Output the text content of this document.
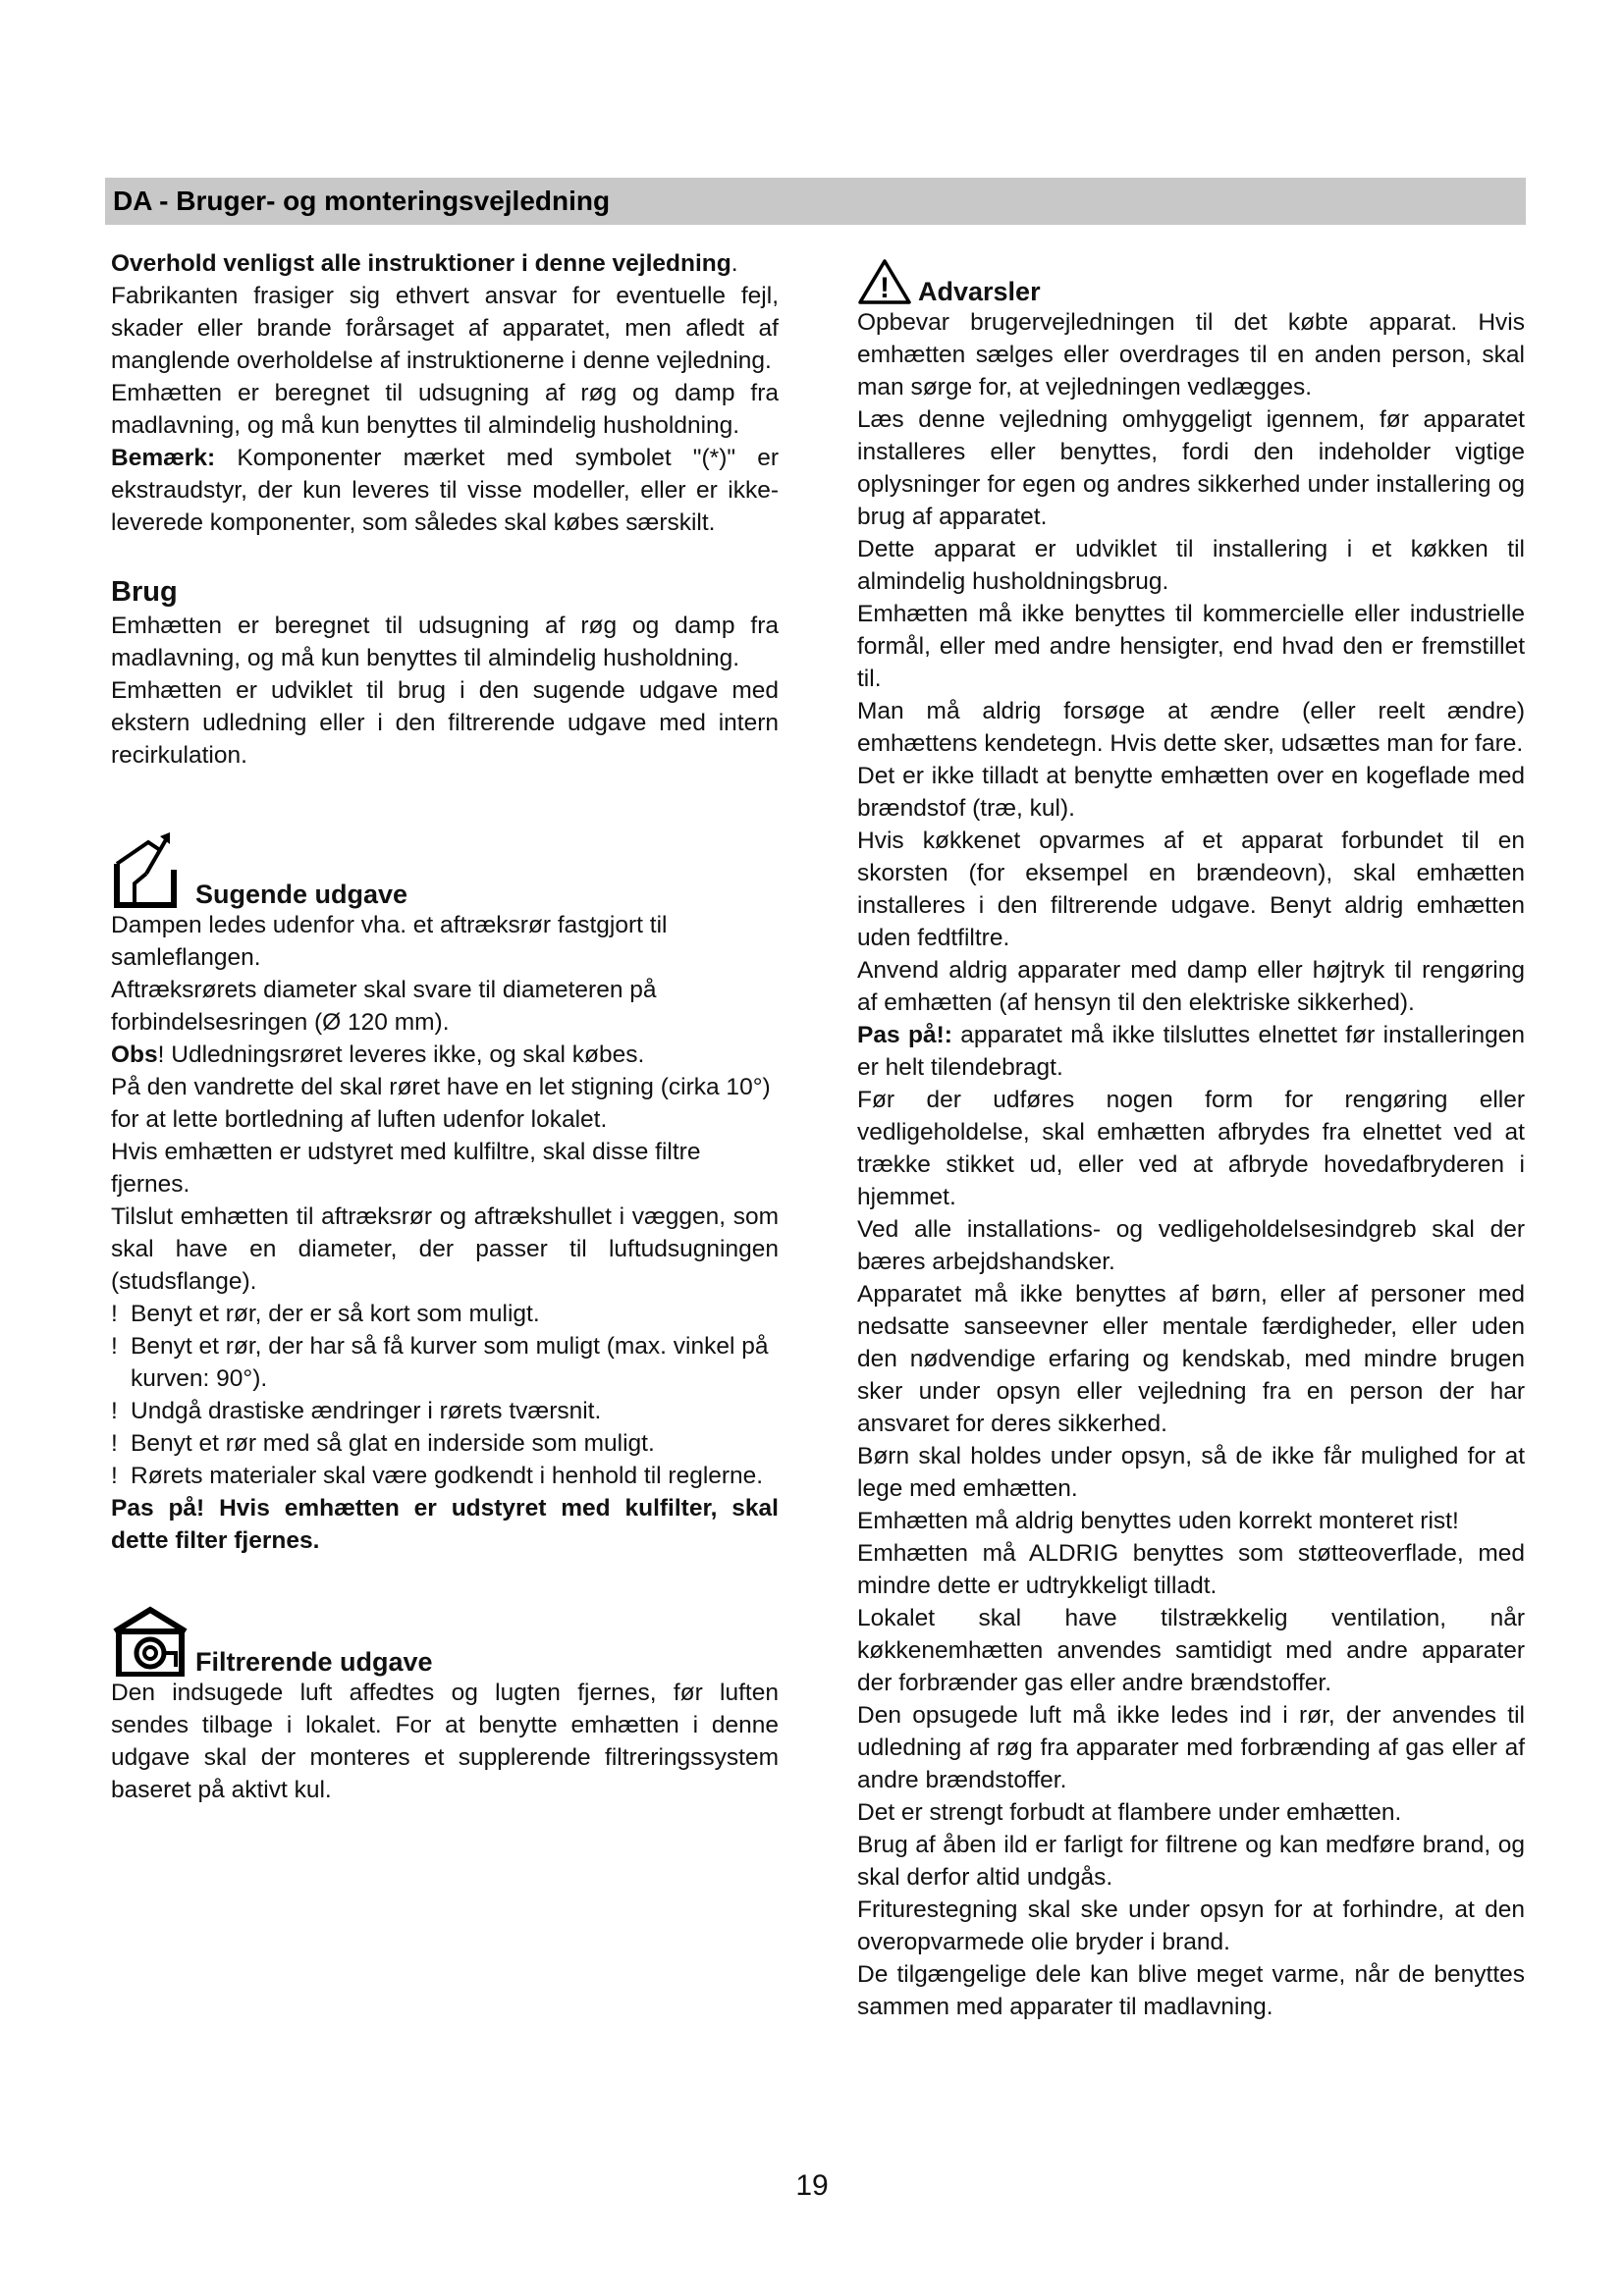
DA - Bruger- og monteringsvejledning

Overhold venligst alle instruktioner i denne vejledning.

Fabrikanten frasiger sig ethvert ansvar for eventuelle fejl, skader eller brande forårsaget af apparatet, men afledt af manglende overholdelse af instruktionerne i denne vejledning.

Emhætten er beregnet til udsugning af røg og damp fra madlavning, og må kun benyttes til almindelig husholdning.

Bemærk: Komponenter mærket med symbolet "(*)" er ekstraudstyr, der kun leveres til visse modeller, eller er ikke-leverede komponenter, som således skal købes særskilt.

Brug

Emhætten er beregnet til udsugning af røg og damp fra madlavning, og må kun benyttes til almindelig husholdning.

Emhætten er udviklet til brug i den sugende udgave med ekstern udledning eller i den filtrerende udgave med intern recirkulation.

Sugende udgave

Dampen ledes udenfor vha. et aftræksrør fastgjort til samleflangen.

Aftræksrørets diameter skal svare til diameteren på forbindelsesringen (Ø 120 mm).

Obs! Udledningsrøret leveres ikke, og skal købes.

På den vandrette del skal røret have en let stigning (cirka 10°) for at lette bortledning af luften udenfor lokalet.

Hvis emhætten er udstyret med kulfiltre, skal disse filtre fjernes.

Tilslut emhætten til aftræksrør og aftrækshullet i væggen, som skal have en diameter, der passer til luftudsugningen (studsflange).

! Benyt et rør, der er så kort som muligt.
! Benyt et rør, der har så få kurver som muligt (max. vinkel på kurven: 90°).
! Undgå drastiske ændringer i rørets tværsnit.
! Benyt et rør med så glat en inderside som muligt.
! Rørets materialer skal være godkendt i henhold til reglerne.

Pas på! Hvis emhætten er udstyret med kulfilter, skal dette filter fjernes.

Filtrerende udgave

Den indsugede luft affedtes og lugten fjernes, før luften sendes tilbage i lokalet. For at benytte emhætten i denne udgave skal der monteres et supplerende filtreringssystem baseret på aktivt kul.

! Advarsler

Opbevar brugervejledningen til det købte apparat. Hvis emhætten sælges eller overdrages til en anden person, skal man sørge for, at vejledningen vedlægges.

Læs denne vejledning omhyggeligt igennem, før apparatet installeres eller benyttes, fordi den indeholder vigtige oplysninger for egen og andres sikkerhed under installering og brug af apparatet.

Dette apparat er udviklet til installering i et køkken til almindelig husholdningsbrug.

Emhætten må ikke benyttes til kommercielle eller industrielle formål, eller med andre hensigter, end hvad den er fremstillet til.

Man må aldrig forsøge at ændre (eller reelt ændre) emhættens kendetegn. Hvis dette sker, udsættes man for fare.

Det er ikke tilladt at benytte emhætten over en kogeflade med brændstof (træ, kul).

Hvis køkkenet opvarmes af et apparat forbundet til en skorsten (for eksempel en brændeovn), skal emhætten installeres i den filtrerende udgave. Benyt aldrig emhætten uden fedtfiltre.

Anvend aldrig apparater med damp eller højtryk til rengøring af emhætten (af hensyn til den elektriske sikkerhed).

Pas på!: apparatet må ikke tilsluttes elnettet før installeringen er helt tilendebragt.

Før der udføres nogen form for rengøring eller vedligeholdelse, skal emhætten afbrydes fra elnettet ved at trække stikket ud, eller ved at afbryde hovedafbryderen i hjemmet.

Ved alle installations- og vedligeholdelsesindgreb skal der bæres arbejdshandsker.

Apparatet må ikke benyttes af børn, eller af personer med nedsatte sanseevner eller mentale færdigheder, eller uden den nødvendige erfaring og kendskab, med mindre brugen sker under opsyn eller vejledning fra en person der har ansvaret for deres sikkerhed.

Børn skal holdes under opsyn, så de ikke får mulighed for at lege med emhætten.

Emhætten må aldrig benyttes uden korrekt monteret rist!

Emhætten må ALDRIG benyttes som støtteoverflade, med mindre dette er udtrykkeligt tilladt.

Lokalet skal have tilstrækkelig ventilation, når køkkenemhætten anvendes samtidigt med andre apparater der forbrænder gas eller andre brændstoffer.

Den opsugede luft må ikke ledes ind i rør, der anvendes til udledning af røg fra apparater med forbrænding af gas eller af andre brændstoffer.

Det er strengt forbudt at flambere under emhætten.

Brug af åben ild er farligt for filtrene og kan medføre brand, og skal derfor altid undgås.

Friturestegning skal ske under opsyn for at forhindre, at den overopvarmede olie bryder i brand.

De tilgængelige dele kan blive meget varme, når de benyttes sammen med apparater til madlavning.

19
